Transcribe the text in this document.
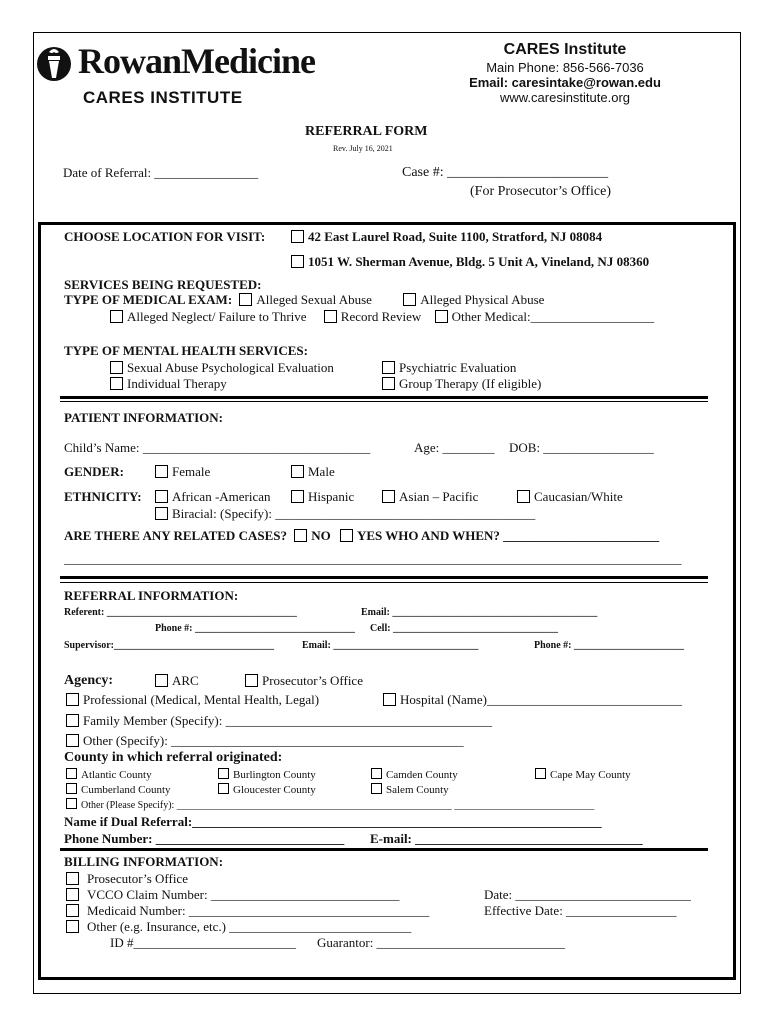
RowanMedicine
CARES INSTITUTE
CARES Institute
Main Phone: 856-566-7036
Email: caresintake@rowan.edu
www.caresinstitute.org
REFERRAL FORM
Rev. July 16, 2021
Date of Referral: ________________	Case #: _______________________
(For Prosecutor’s Office)
CHOOSE LOCATION FOR VISIT:	42 East Laurel Road, Suite 1100, Stratford, NJ 08084
1051 W. Sherman Avenue, Bldg. 5 Unit A, Vineland, NJ 08360
SERVICES BEING REQUESTED:
TYPE OF MEDICAL EXAM: Alleged Sexual Abuse	Alleged Physical Abuse
Alleged Neglect/ Failure to Thrive	Record Review Other Medical:___________________
TYPE OF MENTAL HEALTH SERVICES:
Sexual Abuse Psychological Evaluation	Psychiatric Evaluation
Individual Therapy	Group Therapy (If eligible)
PATIENT INFORMATION:
Child’s Name: ___________________________________	Age: ________ DOB: _________________
GENDER:	Female	Male
ETHNICITY:	African -American	Hispanic	Asian – Pacific	Caucasian/White
Biracial: (Specify): ________________________________________
ARE THERE ANY RELATED CASES? NO YES WHO AND WHEN? ________________________
_______________________________________________________________________________________________
REFERRAL INFORMATION:
Referent: ______________________________________	Email: _________________________________________
Phone #: ________________________________ Cell: _________________________________
Supervisor:________________________________	Email: _____________________________	Phone #: ______________________
Agency:	ARC	Prosecutor’s Office
Professional (Medical, Mental Health, Legal)	Hospital (Name)______________________________
Family Member (Specify): _________________________________________
Other (Specify): _____________________________________________
County in which referral originated:
Atlantic County	Burlington County	Camden County	Cape May County
Cumberland County	Gloucester County	Salem County
Other (Please Specify): _______________________________________________________ ____________________________
Name if Dual Referral:_______________________________________________________________
Phone Number: _____________________________ E-mail: ___________________________________
BILLING INFORMATION:
Prosecutor’s Office
VCCO Claim Number: _____________________________	Date: ___________________________
Medicaid Number: _____________________________________	Effective Date: _________________
Other (e.g. Insurance, etc.) ____________________________
ID #_________________________ Guarantor: _____________________________
